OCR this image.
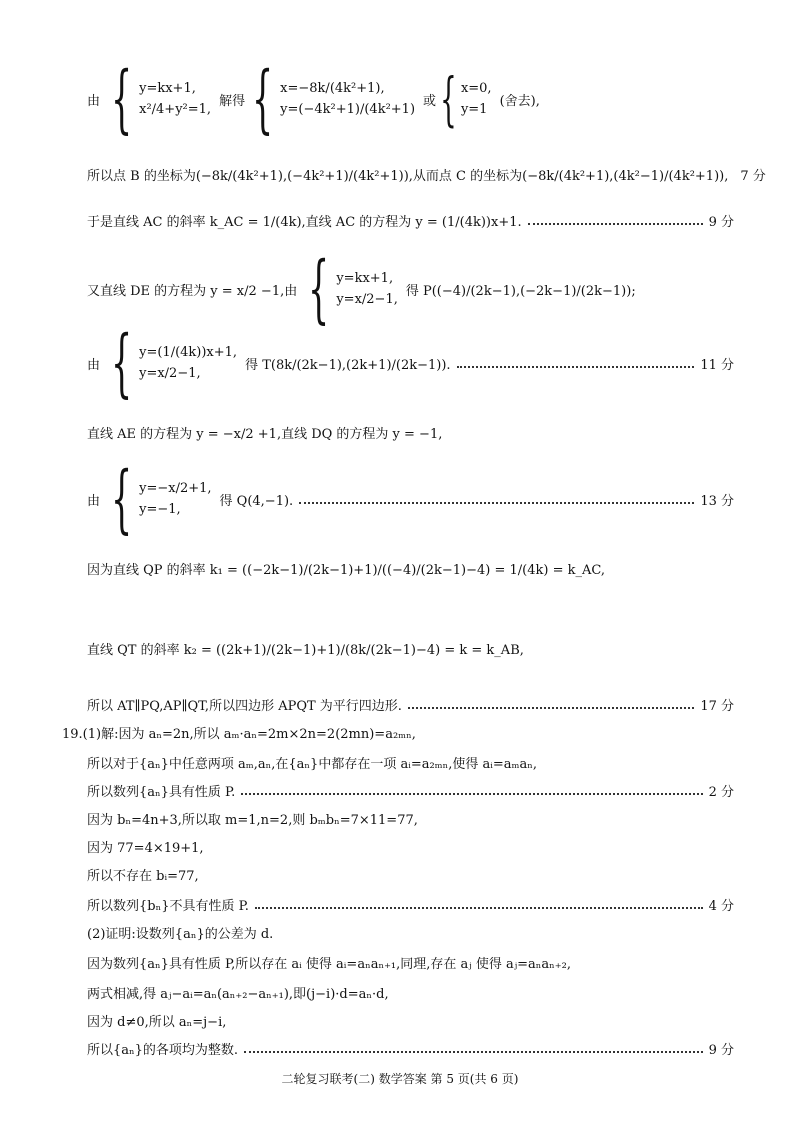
由 { y=kx+1,
x²/4+y²=1,
解得 { x=−8k/(4k²+1),
y=(−4k²+1)/(4k²+1)
或 { x=0,
y=1
(舍去),
所以点 B 的坐标为(−8k/(4k²+1),(−4k²+1)/(4k²+1)),从而点 C 的坐标为(−8k/(4k²+1),(4k²−1)/(4k²+1)), 7 分
于是直线 AC 的斜率 k_AC = 1/(4k),直线 AC 的方程为 y = (1/(4k))x+1.	9 分
又直线 DE 的方程为 y = x/2 −1,由 { y=kx+1,
y=x/2−1,
得 P((−4)/(2k−1),(−2k−1)/(2k−1));
由 { y=(1/(4k))x+1,
y=x/2−1,
得 T(8k/(2k−1),(2k+1)/(2k−1)).	11 分
直线 AE 的方程为 y = −x/2 +1,直线 DQ 的方程为 y = −1,
由 { y=−x/2+1,
y=−1,
得 Q(4,−1).	13 分
因为直线 QP 的斜率 k₁ = ((−2k−1)/(2k−1)+1)/((−4)/(2k−1)−4) = 1/(4k) = k_AC,
直线 QT 的斜率 k₂ = ((2k+1)/(2k−1)+1)/(8k/(2k−1)−4) = k = k_AB,
所以 AT∥PQ,AP∥QT,所以四边形 APQT 为平行四边形.	17 分
19.(1)解:因为 aₙ=2n,所以 aₘ·aₙ=2m×2n=2(2mn)=a₂ₘₙ,
所以对于{aₙ}中任意两项 aₘ,aₙ,在{aₙ}中都存在一项 aᵢ=a₂ₘₙ,使得 aᵢ=aₘaₙ,
所以数列{aₙ}具有性质 P.	2 分
因为 bₙ=4n+3,所以取 m=1,n=2,则 bₘbₙ=7×11=77,
因为 77=4×19+1,
所以不存在 bᵢ=77,
所以数列{bₙ}不具有性质 P.	4 分
(2)证明:设数列{aₙ}的公差为 d.
因为数列{aₙ}具有性质 P,所以存在 aᵢ 使得 aᵢ=aₙaₙ₊₁,同理,存在 aⱼ 使得 aⱼ=aₙaₙ₊₂,
两式相减,得 aⱼ−aᵢ=aₙ(aₙ₊₂−aₙ₊₁),即(j−i)·d=aₙ·d,
因为 d≠0,所以 aₙ=j−i,
所以{aₙ}的各项均为整数.	9 分
二轮复习联考(二) 数学答案 第 5 页(共 6 页)
